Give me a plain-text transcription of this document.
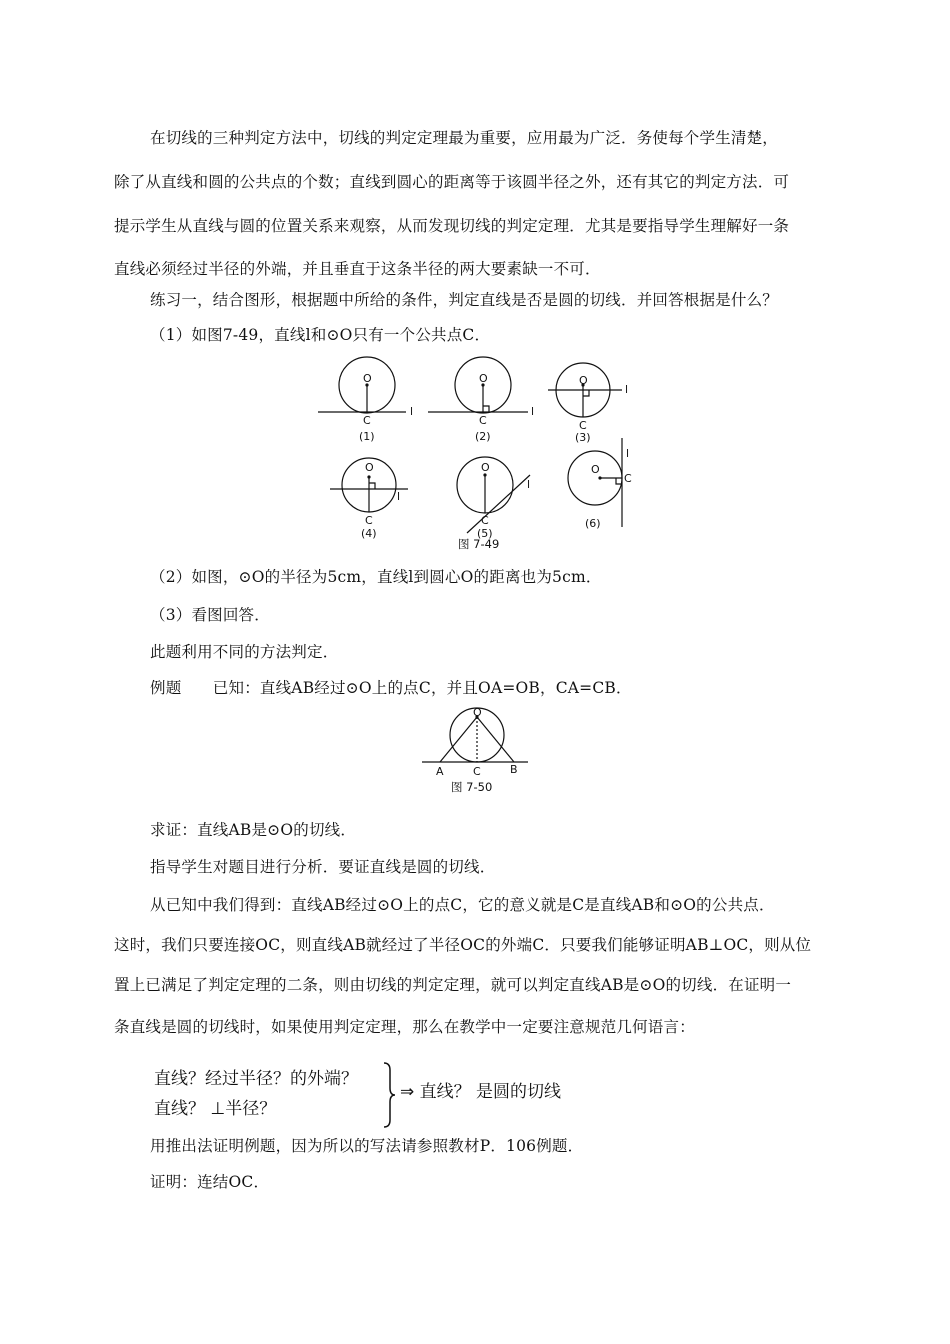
在切线的三种判定方法中，切线的判定定理最为重要，应用最为广泛．务使每个学生清楚，
除了从直线和圆的公共点的个数；直线到圆心的距离等于该圆半径之外，还有其它的判定方法．可
提示学生从直线与圆的位置关系来观察，从而发现切线的判定定理．尤其是要指导学生理解好一条
直线必须经过半径的外端，并且垂直于这条半径的两大要素缺一不可．
练习一，结合图形，根据题中所给的条件，判定直线是否是圆的切线．并回答根据是什么？
（1）如图7-49，直线l和⊙O只有一个公共点C．
O
C
l
(1)
O
C
l
(2)
O
C
l
(3)
O
C
l
(4)
O
C
l
(5)
O
C
l
(6)
图 7-49
（2）如图，⊙O的半径为5cm，直线l到圆心O的距离也为5cm．
（3）看图回答．
此题利用不同的方法判定．
例题　　已知：直线AB经过⊙O上的点C，并且OA=OB，CA=CB．
O
A	C	B
图 7-50
求证：直线AB是⊙O的切线．
指导学生对题目进行分析．要证直线是圆的切线．
从已知中我们得到：直线AB经过⊙O上的点C，它的意义就是C是直线AB和⊙O的公共点．
这时，我们只要连接OC，则直线AB就经过了半径OC的外端C．只要我们能够证明AB⊥OC，则从位
置上已满足了判定定理的二条，则由切线的判定定理，就可以判定直线AB是⊙O的切线．在证明一
条直线是圆的切线时，如果使用判定定理，那么在教学中一定要注意规范几何语言：
直线？经过半径？的外端？
直线？ ⊥半径？
⇒ 直线？ 是圆的切线
用推出法证明例题，因为所以的写法请参照教材P．106例题．
证明：连结OC．
